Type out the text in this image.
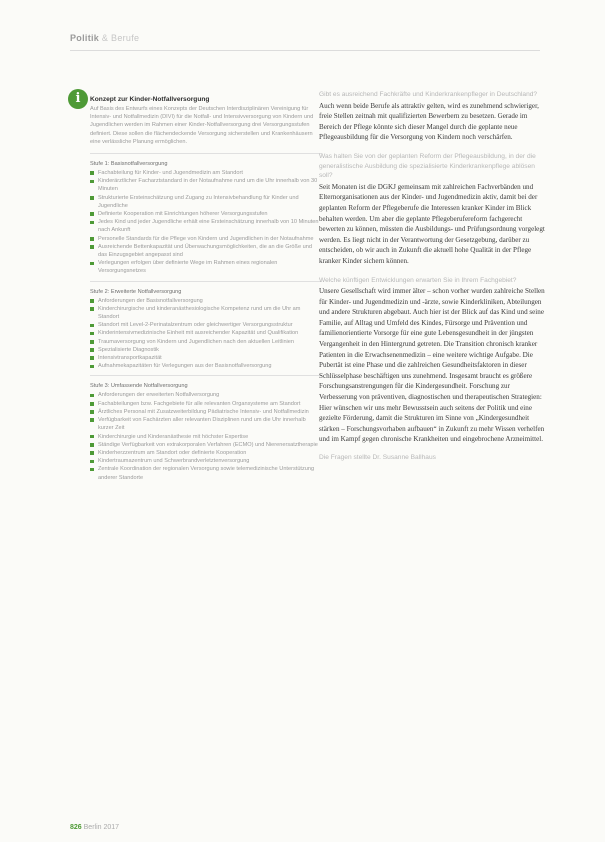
Politik & Berufe
i	Konzept zur Kinder-Notfallversorgung
Auf Basis des Entwurfs eines Konzepts der Deutschen Interdisziplinären Vereinigung für Intensiv- und Notfallmedizin (DIVI) für die Notfall- und Intensivversorgung von Kindern und Jugendlichen werden im Rahmen einer Kinder-Notfallversorgung drei Versorgungsstufen definiert. Diese sollen die flächendeckende Versorgung sicherstellen und Krankenhäusern eine verlässliche Planung ermöglichen.
Stufe 1: Basisnotfallversorgung
Fachabteilung für Kinder- und Jugendmedizin am Standort
Kinderärztlicher Facharztstandard in der Notaufnahme rund um die Uhr innerhalb von 30 Minuten
Strukturierte Ersteinschätzung und Zugang zu Intensivbehandlung für Kinder und Jugendliche
Definierte Kooperation mit Einrichtungen höherer Versorgungsstufen
Jedes Kind und jeder Jugendliche erhält eine Ersteinschätzung innerhalb von 10 Minuten nach Ankunft
Personelle Standards für die Pflege von Kindern und Jugendlichen in der Notaufnahme
Ausreichende Bettenkapazität und Überwachungsmöglichkeiten, die an die Größe und das Einzugsgebiet angepasst sind
Verlegungen erfolgen über definierte Wege im Rahmen eines regionalen Versorgungsnetzes
Stufe 2: Erweiterte Notfallversorgung
Anforderungen der Basisnotfallversorgung
Kinderchirurgische und kinderanästhesiologische Kompetenz rund um die Uhr am Standort
Standort mit Level-2-Perinatalzentrum oder gleichwertiger Versorgungsstruktur
Kinderintensivmedizinische Einheit mit ausreichender Kapazität und Qualifikation
Traumaversorgung von Kindern und Jugendlichen nach den aktuellen Leitlinien
Spezialisierte Diagnostik
Intensivtransportkapazität
Aufnahmekapazitäten für Verlegungen aus der Basisnotfallversorgung
Stufe 3: Umfassende Notfallversorgung
Anforderungen der erweiterten Notfallversorgung
Fachabteilungen bzw. Fachgebiete für alle relevanten Organsysteme am Standort
Ärztliches Personal mit Zusatzweiterbildung Pädiatrische Intensiv- und Notfallmedizin
Verfügbarkeit von Fachärzten aller relevanten Disziplinen rund um die Uhr innerhalb kurzer Zeit
Kinderchirurgie und Kinderanästhesie mit höchster Expertise
Ständige Verfügbarkeit von extrakorporalen Verfahren (ECMO) und Nierenersatztherapie
Kinderherzzentrum am Standort oder definierte Kooperation
Kindertraumazentrum und Schwerbrandverletztenversorgung
Zentrale Koordination der regionalen Versorgung sowie telemedizinische Unterstützung anderer Standorte

Gibt es ausreichend Fachkräfte und Kinderkrankenpfleger in Deutschland?

Auch wenn beide Berufe als attraktiv gelten, wird es zunehmend schwieriger, freie Stellen zeitnah mit qualifizierten Bewerbern zu besetzen. Gerade im Bereich der Pflege könnte sich dieser Mangel durch die geplante neue Pflegeausbildung für die Versorgung von Kindern noch verschärfen.

Was halten Sie von der geplanten Reform der Pflegeausbildung, in der die generalistische Ausbildung die spezialisierte Kinderkrankenpflege ablösen soll?

Seit Monaten ist die DGKJ gemeinsam mit zahlreichen Fachverbänden und Elternorganisationen aus der Kinder- und Jugendmedizin aktiv, damit bei der geplanten Reform der Pflegeberufe die Interessen kranker Kinder im Blick behalten werden. Um aber die geplante Pflegeberufereform fachgerecht bewerten zu können, müssten die Ausbildungs- und Prüfungsordnung vorgelegt werden. Es liegt nicht in der Verantwortung der Gesetzgebung, darüber zu entscheiden, ob wir auch in Zukunft die aktuell hohe Qualität in der Pflege kranker Kinder sichern können.

Welche künftigen Entwicklungen erwarten Sie in Ihrem Fachgebiet?

Unsere Gesellschaft wird immer älter – schon vorher wurden zahlreiche Stellen für Kinder- und Jugendmedizin und -ärzte, sowie Kinderkliniken, Abteilungen und andere Strukturen abgebaut. Auch hier ist der Blick auf das Kind und seine Familie, auf Alltag und Umfeld des Kindes, Fürsorge und Prävention und familienorientierte Vorsorge für eine gute Lebensgesundheit in der jüngsten Vergangenheit in den Hintergrund getreten. Die Transition chronisch kranker Patienten in die Erwachsenenmedizin – eine weitere wichtige Aufgabe. Die Pubertät ist eine Phase und die zahlreichen Gesundheitsfaktoren in dieser Schlüsselphase beschäftigen uns zunehmend. Insgesamt braucht es größere Forschungsanstrengungen für die Kindergesundheit. Forschung zur Verbesserung von präventiven, diagnostischen und therapeutischen Strategien: Hier wünschen wir uns mehr Bewusstsein auch seitens der Politik und eine gezielte Förderung, damit die Strukturen im Sinne von „Kindergesundheit stärken – Forschungsvorhaben aufbauen“ in Zukunft zu mehr Wissen verhelfen und im Kampf gegen chronische Krankheiten und eingebrochene Arzneimittel.

Die Fragen stellte Dr. Susanne Ballhaus
826 Berlin 2017
